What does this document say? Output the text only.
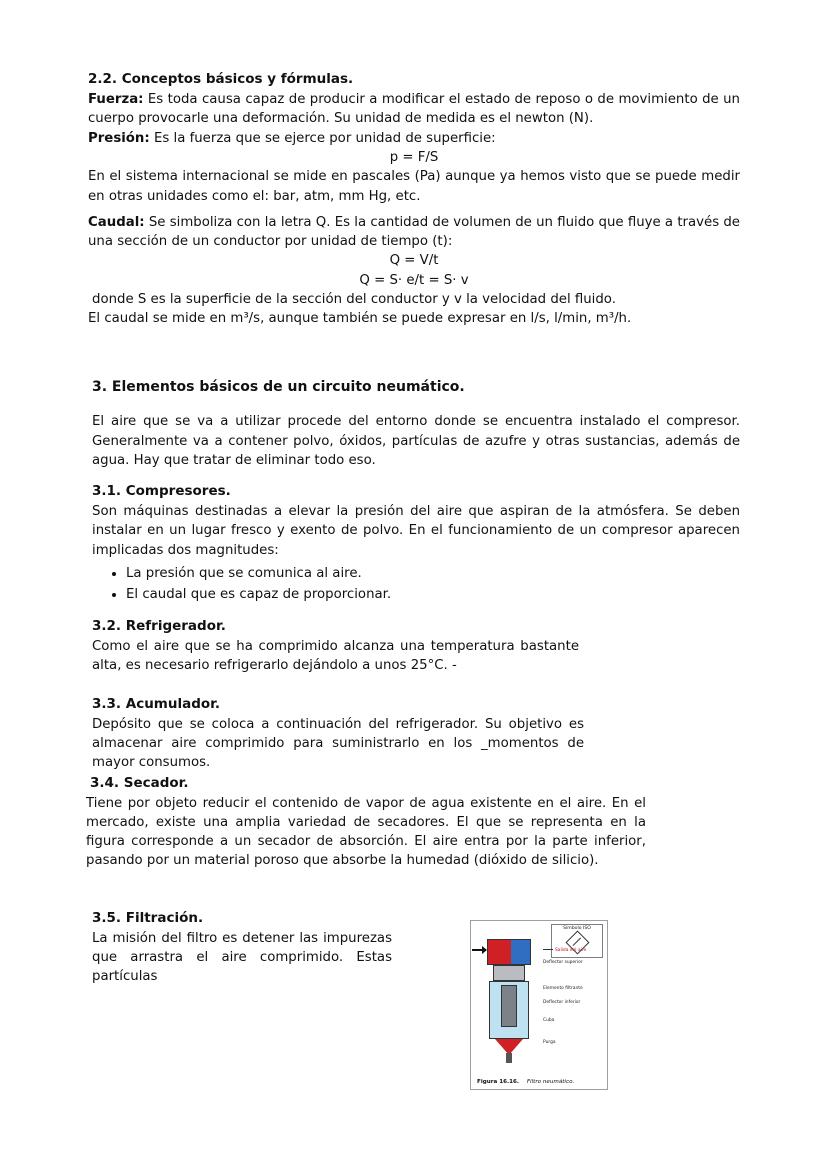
2.2. Conceptos básicos y fórmulas.

Fuerza: Es toda causa capaz de producir a modificar el estado de reposo o de movimiento de un cuerpo provocarle una deformación. Su unidad de medida es el newton (N).

Presión: Es la fuerza que se ejerce por unidad de superficie:

p = F/S

En el sistema internacional se mide en pascales (Pa) aunque ya hemos visto que se puede medir en otras unidades como el: bar, atm, mm Hg, etc.

Caudal: Se simboliza con la letra Q. Es la cantidad de volumen de un fluido que fluye a través de una sección de un conductor por unidad de tiempo (t):

Q = V/t

Q = S· e/t = S· v

donde S es la superficie de la sección del conductor y v la velocidad del fluido.

El caudal se mide en m³/s, aunque también se puede expresar en l/s, l/min, m³/h.

3. Elementos básicos de un circuito neumático.

El aire que se va a utilizar procede del entorno donde se encuentra instalado el compresor. Generalmente va a contener polvo, óxidos, partículas de azufre y otras sustancias, además de agua. Hay que tratar de eliminar todo eso.

3.1. Compresores.

Son máquinas destinadas a elevar la presión del aire que aspiran de la atmósfera. Se deben instalar en un lugar fresco y exento de polvo. En el funcionamiento de un compresor aparecen implicadas dos magnitudes:

• La presión que se comunica al aire.
• El caudal que es capaz de proporcionar.
3.2. Refrigerador.

Como el aire que se ha comprimido alcanza una temperatura bastante alta, es necesario refrigerarlo dejándolo a unos 25°C. -

3.3. Acumulador.

Depósito que se coloca a continuación del refrigerador. Su objetivo es almacenar aire comprimido para suministrarlo en los _momentos de mayor consumos.

3.4. Secador.

Tiene por objeto reducir el contenido de vapor de agua existente en el aire. En el mercado, existe una amplia variedad de secadores. El que se representa en la figura corresponde a un secador de absorción. El aire entra por la parte inferior, pasando por un material poroso que absorbe la humedad (dióxido de silicio).

3.5. Filtración.

La misión del filtro es detener las impurezas que arrastra el aire comprimido. Estas partículas

Símbolo ISO
Salida del aire
Deflector superior
Elemento filtrante
Deflector inferior
Cuba
Purga
Figura 16.16. Filtro neumático.
